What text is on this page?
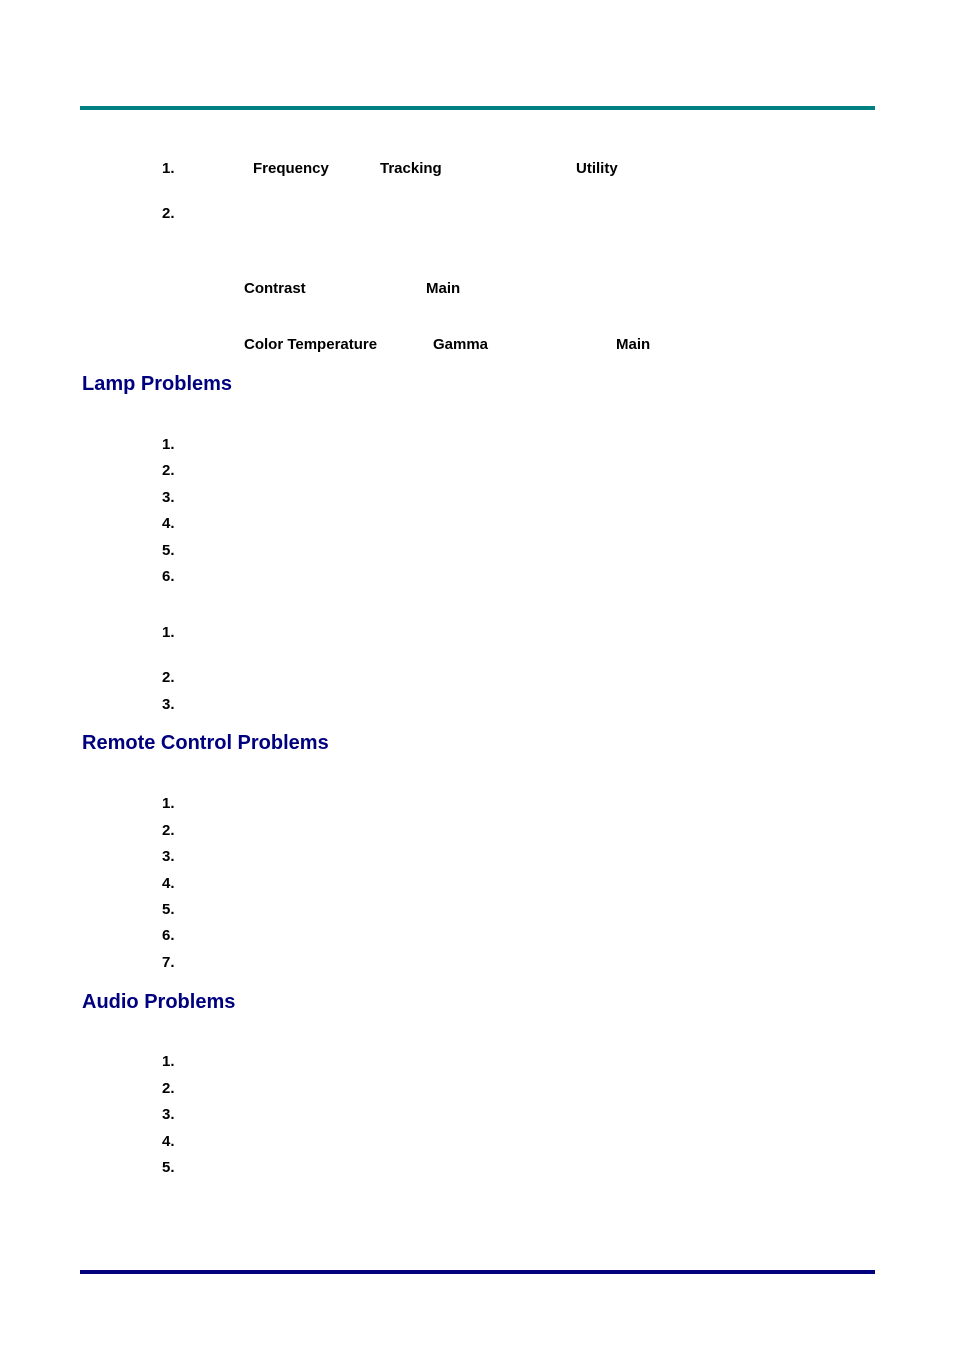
1.	Frequency	Tracking	Utility
2.
Contrast	Main
Color Temperature	Gamma	Main
Lamp Problems
1.
2.
3.
4.
5.
6.
1.
2.
3.
Remote Control Problems
1.
2.
3.
4.
5.
6.
7.
Audio Problems
1.
2.
3.
4.
5.
